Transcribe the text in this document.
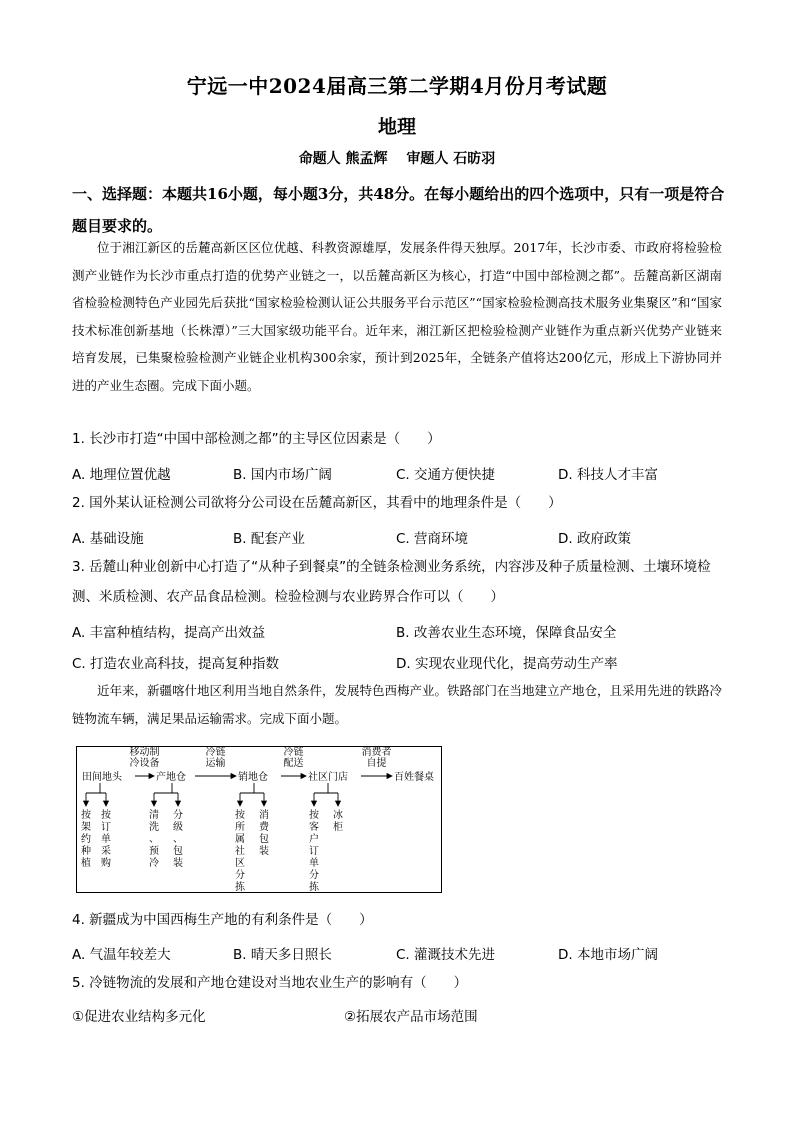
宁远一中2024届高三第二学期4月份月考试题
地理
命题人 熊孟辉　 审题人 石昉羽
一、选择题：本题共16小题，每小题3分，共48分。在每小题给出的四个选项中，只有一项是符合题目要求的。
位于湘江新区的岳麓高新区区位优越、科教资源雄厚，发展条件得天独厚。2017年，长沙市委、市政府将检验检测产业链作为长沙市重点打造的优势产业链之一，以岳麓高新区为核心，打造“中国中部检测之都”。岳麓高新区湖南省检验检测特色产业园先后获批“国家检验检测认证公共服务平台示范区”“国家检验检测高技术服务业集聚区”和“国家技术标准创新基地（长株潭）”三大国家级功能平台。近年来，湘江新区把检验检测产业链作为重点新兴优势产业链来培育发展，已集聚检验检测产业链企业机构300余家，预计到2025年，全链条产值将达200亿元，形成上下游协同并进的产业生态圈。完成下面小题。
1. 长沙市打造“中国中部检测之都”的主导区位因素是（　　）
A. 地理位置优越	B. 国内市场广阔	C. 交通方便快捷	D. 科技人才丰富
2. 国外某认证检测公司欲将分公司设在岳麓高新区，其看中的地理条件是（　　）
A. 基础设施	B. 配套产业	C. 营商环境	D. 政府政策
3. 岳麓山种业创新中心打造了“从种子到餐桌”的全链条检测业务系统，内容涉及种子质量检测、土壤环境检测、米质检测、农产品食品检测。检验检测与农业跨界合作可以（　　）
A. 丰富种植结构，提高产出效益	B. 改善农业生态环境，保障食品安全
C. 打造农业高科技，提高复种指数	D. 实现农业现代化，提高劳动生产率
近年来，新疆喀什地区利用当地自然条件，发展特色西梅产业。铁路部门在当地建立产地仓，且采用先进的铁路冷链物流车辆，满足果品运输需求。完成下面小题。
田间地头	产地仓	销地仓	社区门店	百姓餐桌
移动制
冷设备
冷链
运输
冷链
配送
消费者
自提
按
架
约
种
植
按
订
单
采
购
清
洗
、
预
冷
分
级
、
包
装
按
所
属
社
区
分
拣
消
费
包
装
按
客
户
订
单
分
拣
冰
柜
4. 新疆成为中国西梅生产地的有利条件是（　　）
A. 气温年较差大	B. 晴天多日照长	C. 灌溉技术先进	D. 本地市场广阔
5. 冷链物流的发展和产地仓建设对当地农业生产的影响有（　　）
①促进农业结构多元化	②拓展农产品市场范围
